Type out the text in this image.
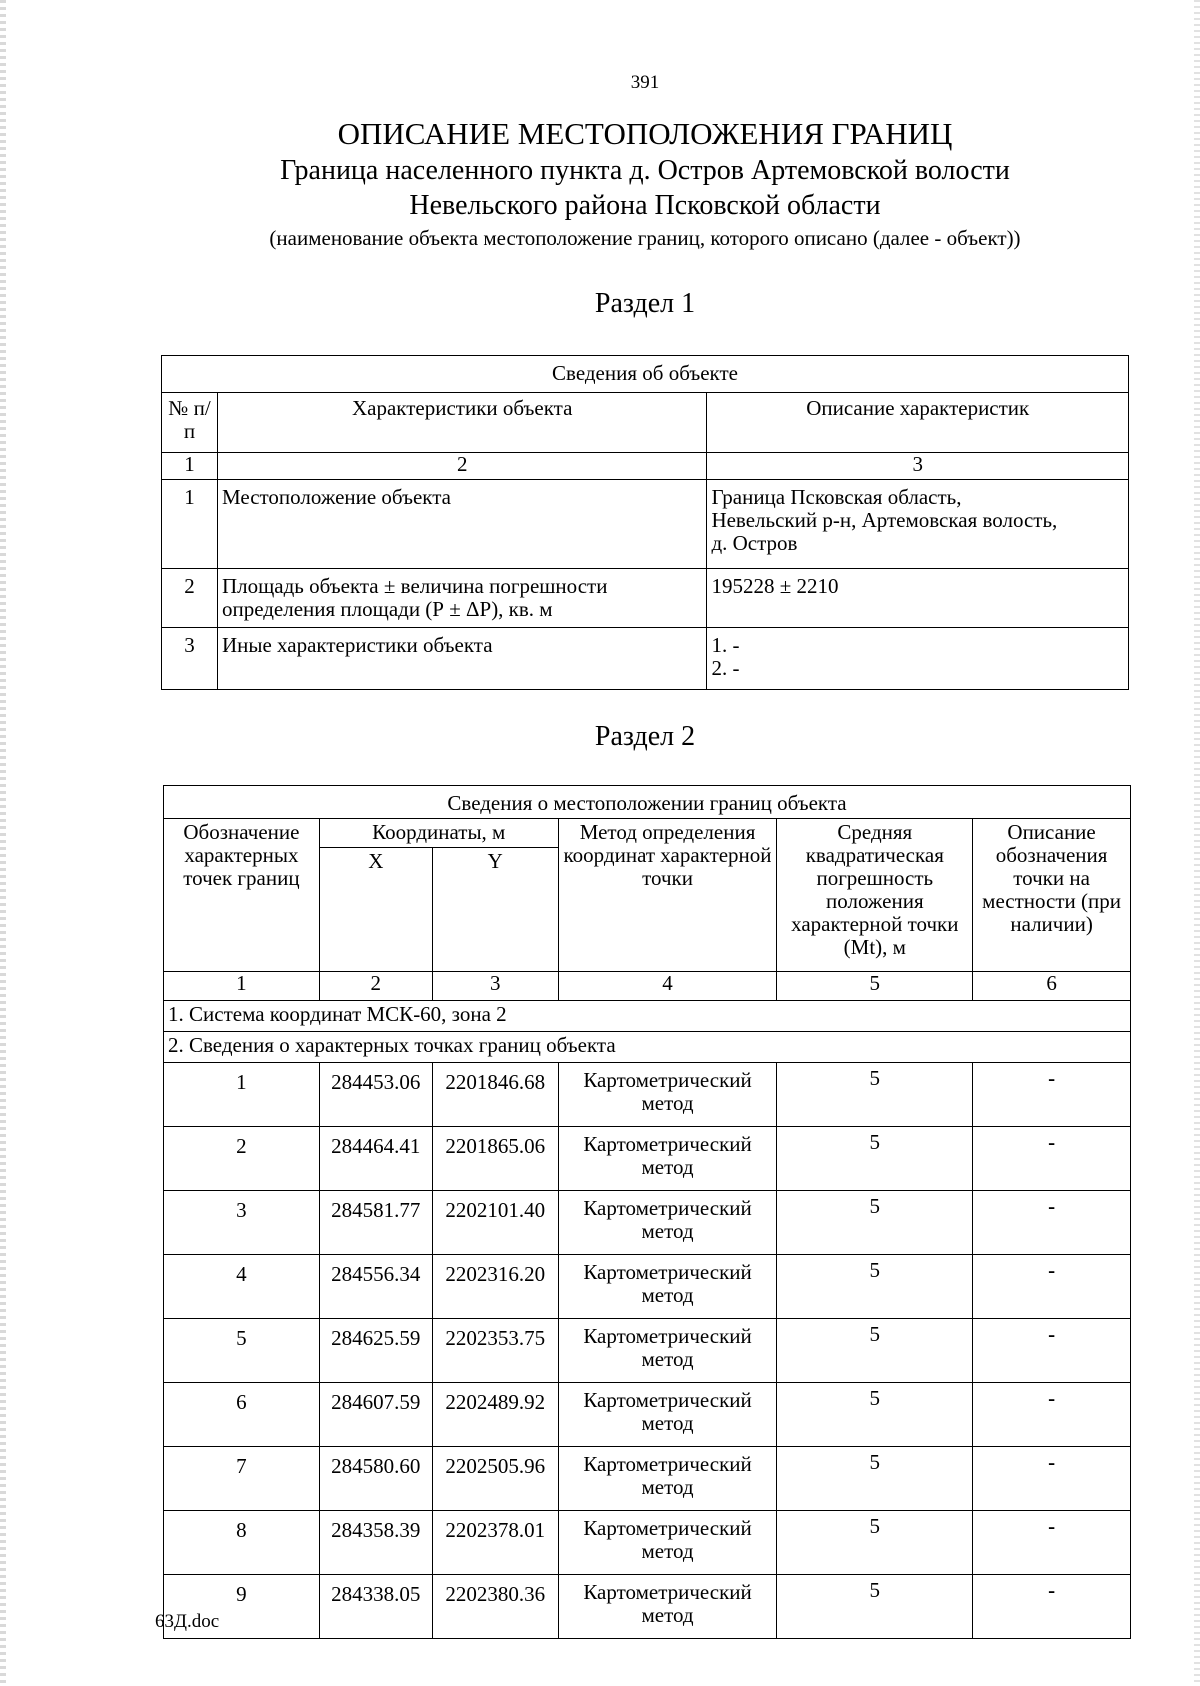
391
ОПИСАНИЕ МЕСТОПОЛОЖЕНИЯ ГРАНИЦ
Граница населенного пункта д. Остров Артемовской волости
Невельского района Псковской области
(наименование объекта местоположение границ, которого описано (далее - объект))
Раздел 1
Сведения об объекте		
№ п/п	Характеристики объекта	Описание характеристик
1	2	3
1	Местоположение объекта	Граница Псковская область,
Невельский р-н, Артемовская волость,
д. Остров

2	Площадь объекта ± величина погрешности определения площади (Р ± ΔР), кв. м	195228 ± 2210

3	Иные характеристики объекта	1. -
2. -
Раздел 2
Сведения о местоположении границ объекта					
Обозначение характерных точек границ	Координаты, м		Метод определения координат характерной точки	Средняя квадратическая погрешность положения характерной точки (Mt), м	Описание обозначения точки на местности (при наличии)
	X	Y			
1	2	3	4	5	6
1. Система координат МСК-60, зона 2					
2. Сведения о характерных точках границ объекта					
1	284453.06	2201846.68	Картометрический метод	5	-
2	284464.41	2201865.06	Картометрический метод	5	-
3	284581.77	2202101.40	Картометрический метод	5	-
4	284556.34	2202316.20	Картометрический метод	5	-
5	284625.59	2202353.75	Картометрический метод	5	-
6	284607.59	2202489.92	Картометрический метод	5	-
7	284580.60	2202505.96	Картометрический метод	5	-
8	284358.39	2202378.01	Картометрический метод	5	-
9	284338.05	2202380.36	Картометрический метод	5	-
63Д.doc
